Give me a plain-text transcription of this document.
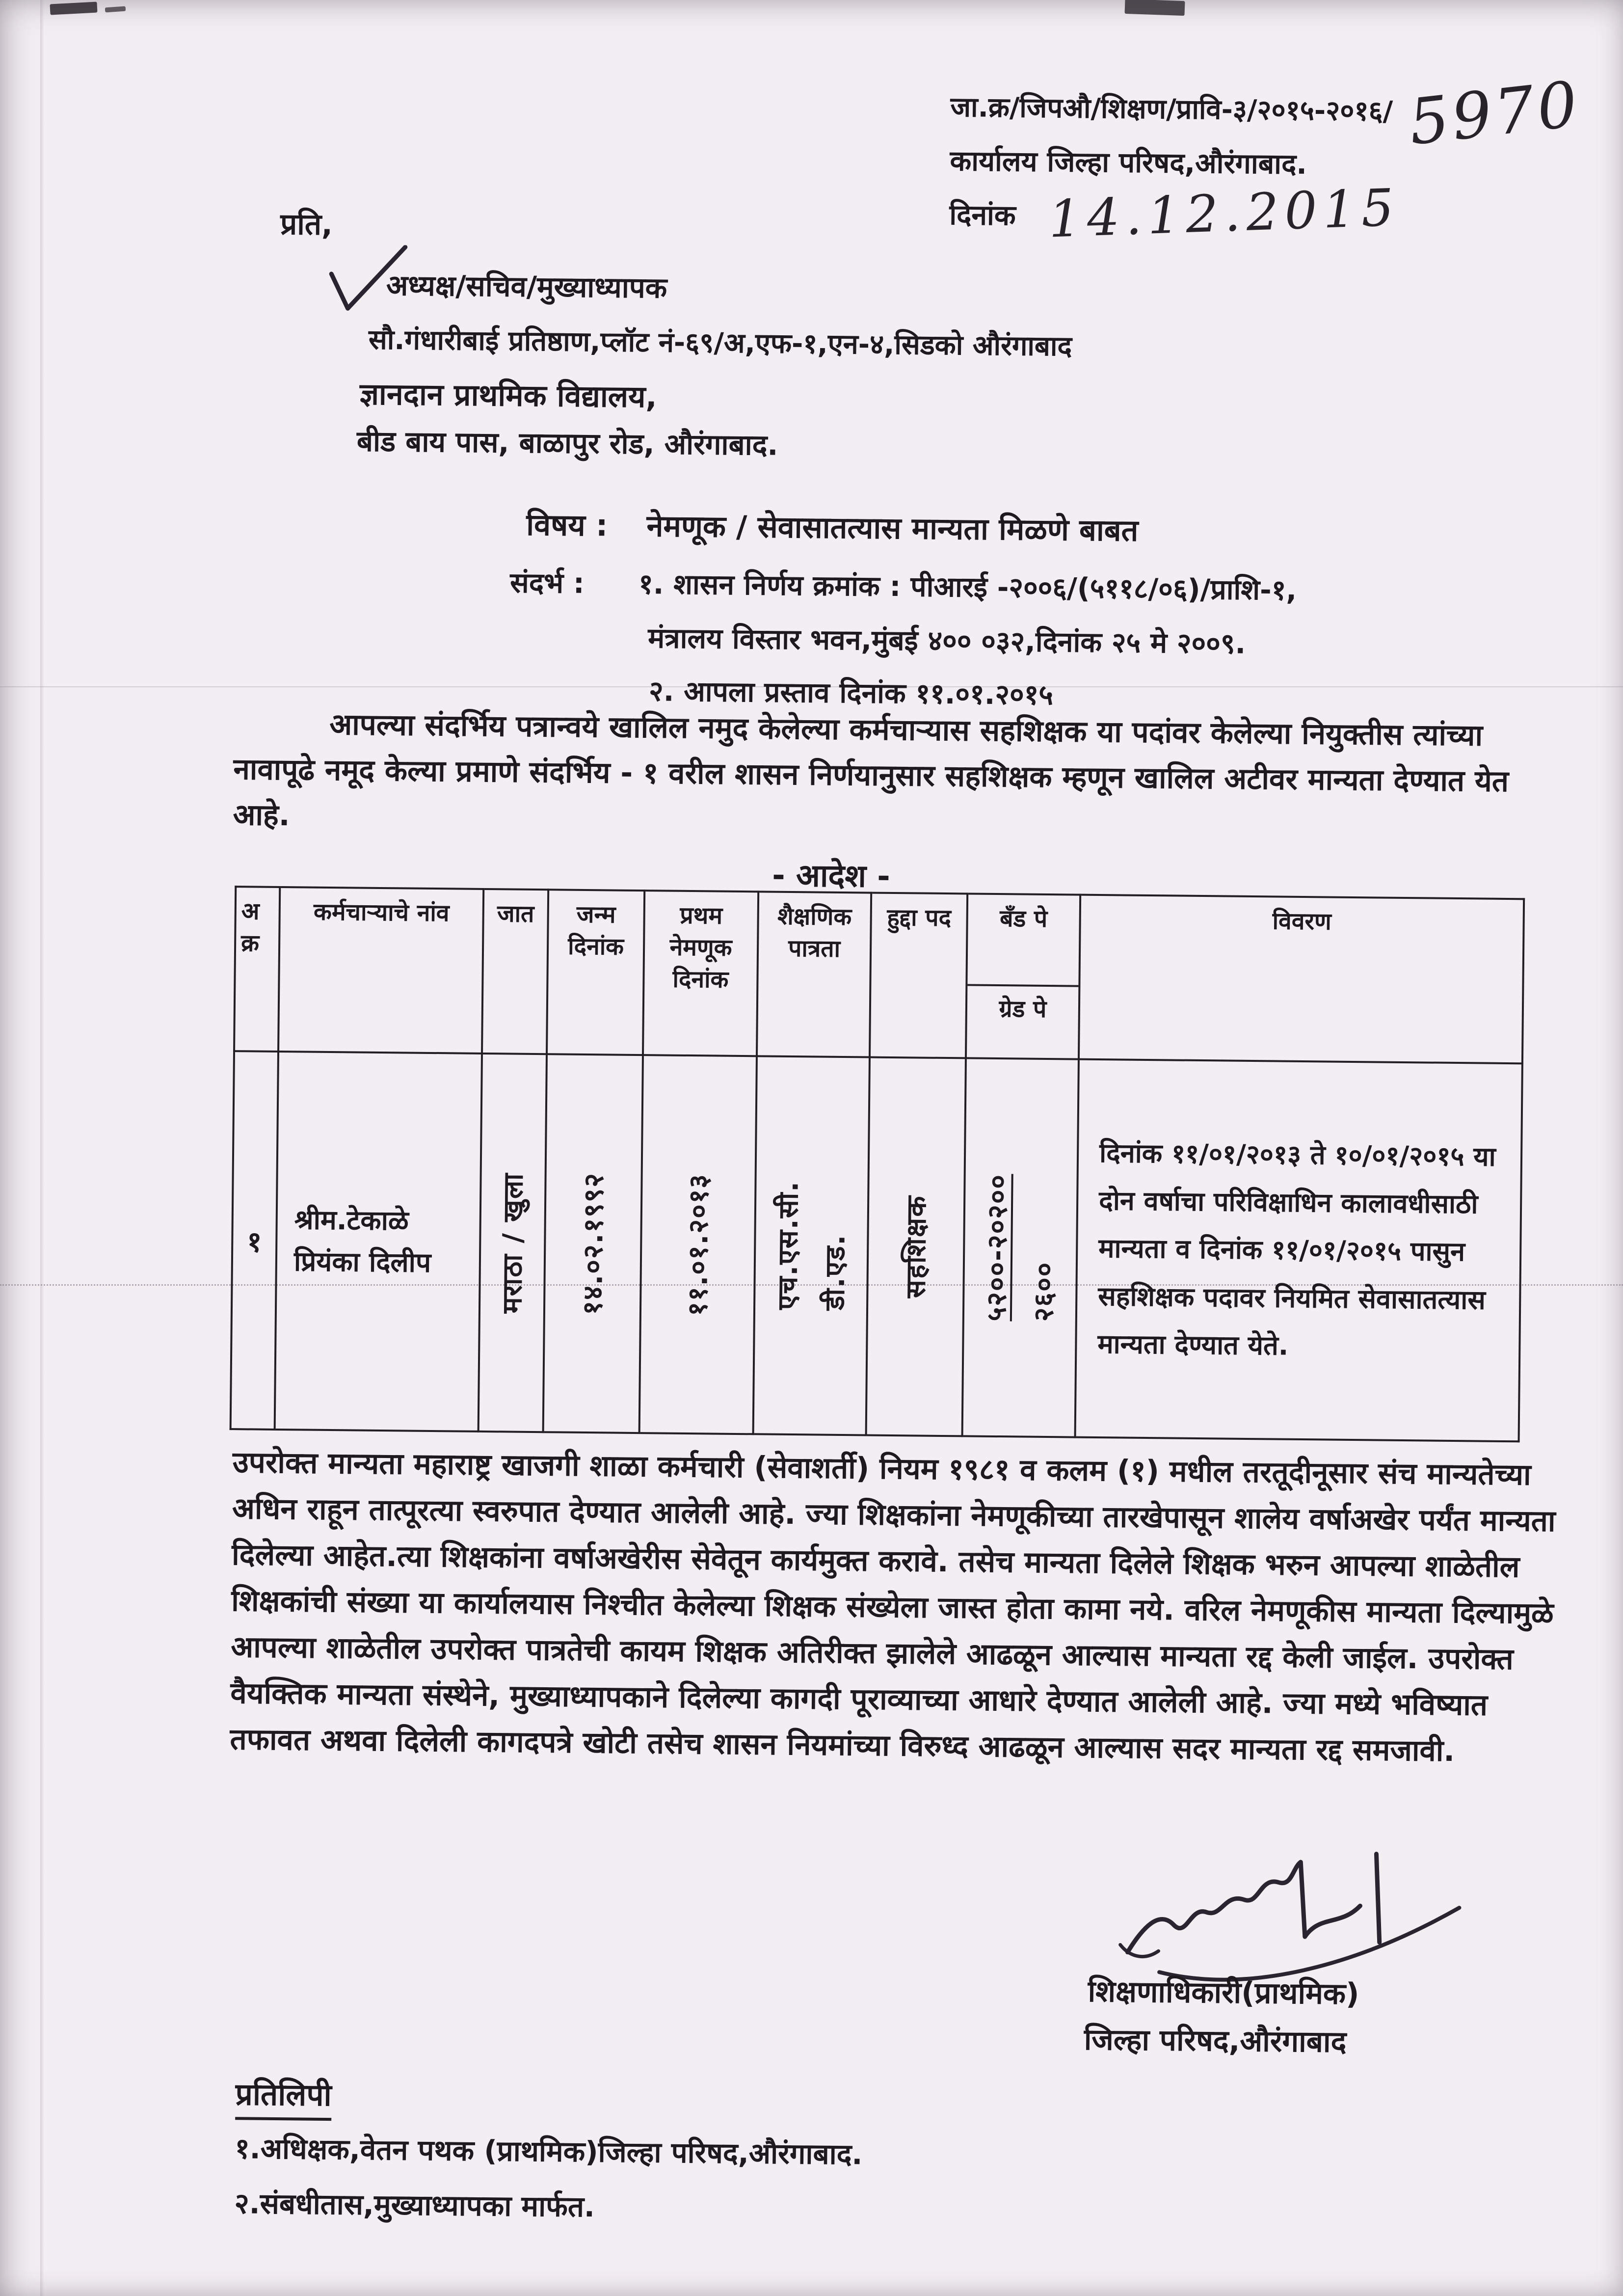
जा.क्र/जिपऔ/शिक्षण/प्रावि-३/२०१५-२०१६/ 5970
कार्यालय जिल्हा परिषद,औरंगाबाद.
दिनांक 14.12.2015
प्रति,
अध्यक्ष/सचिव/मुख्याध्यापक
सौ.गंधारीबाई प्रतिष्ठाण,प्लॉट नं-६९/अ,एफ-१,एन-४,सिडको औरंगाबाद
ज्ञानदान प्राथमिक विद्यालय,
बीड बाय पास, बाळापुर रोड, औरंगाबाद.
विषय : नेमणूक / सेवासातत्यास मान्यता मिळणे बाबत
संदर्भ : १. शासन निर्णय क्रमांक : पीआरई -२००६/(५११८/०६)/प्राशि-१,
मंत्रालय विस्तार भवन,मुंबई ४०० ०३२,दिनांक २५ मे २००९.
२. आपला प्रस्ताव दिनांक ११.०१.२०१५
आपल्या संदर्भिय पत्रान्वये खालिल नमुद केलेल्या कर्मचाऱ्यास सहशिक्षक या पदांवर केलेल्या नियुक्तीस त्यांच्या नावापूढे नमूद केल्या प्रमाणे संदर्भिय - १ वरील शासन निर्णयानुसार सहशिक्षक म्हणून खालिल अटीवर मान्यता देण्यात येत आहे.
- आदेश -
अ क्र	कर्मचाऱ्याचे नांव	जात	जन्म दिनांक	प्रथम नेमणूक दिनांक	शैक्षणिक पात्रता	हुद्दा पद	बँड पे
ग्रेड पे	विवरण
१	श्रीम.टेकाळे प्रियंका दिलीप	मराठा / खुला	१४.०२.१९९२	११.०१.२०१३	एच.एस.सी. डी.एड.	सहशिक्षक	५२००-२०२०० २६००	दिनांक ११/०१/२०१३ ते १०/०१/२०१५ या दोन वर्षाचा परिविक्षाधिन कालावधीसाठी मान्यता व दिनांक ११/०१/२०१५ पासुन सहशिक्षक पदावर नियमित सेवासातत्यास मान्यता देण्यात येते.
उपरोक्त मान्यता महाराष्ट्र खाजगी शाळा कर्मचारी (सेवाशर्ती) नियम १९८१ व कलम (१) मधील तरतूदीनूसार संच मान्यतेच्या अधिन राहून तात्पूरत्या स्वरुपात देण्यात आलेली आहे. ज्या शिक्षकांना नेमणूकीच्या तारखेपासून शालेय वर्षाअखेर पर्यंत मान्यता दिलेल्या आहेत.त्या शिक्षकांना वर्षाअखेरीस सेवेतून कार्यमुक्त करावे. तसेच मान्यता दिलेले शिक्षक भरुन आपल्या शाळेतील शिक्षकांची संख्या या कार्यालयास निश्चीत केलेल्या शिक्षक संख्येला जास्त होता कामा नये. वरिल नेमणूकीस मान्यता दिल्यामुळे आपल्या शाळेतील उपरोक्त पात्रतेची कायम शिक्षक अतिरीक्त झालेले आढळून आल्यास मान्यता रद्द केली जाईल. उपरोक्त वैयक्तिक मान्यता संस्थेने, मुख्याध्यापकाने दिलेल्या कागदी पूराव्याच्या आधारे देण्यात आलेली आहे. ज्या मध्ये भविष्यात तफावत अथवा दिलेली कागदपत्रे खोटी तसेच शासन नियमांच्या विरुध्द आढळून आल्यास सदर मान्यता रद्द समजावी.
शिक्षणाधिकारी(प्राथमिक)
जिल्हा परिषद,औरंगाबाद
प्रतिलिपी
१.अधिक्षक,वेतन पथक (प्राथमिक)जिल्हा परिषद,औरंगाबाद.
२.संबधीतास,मुख्याध्यापका मार्फत.
